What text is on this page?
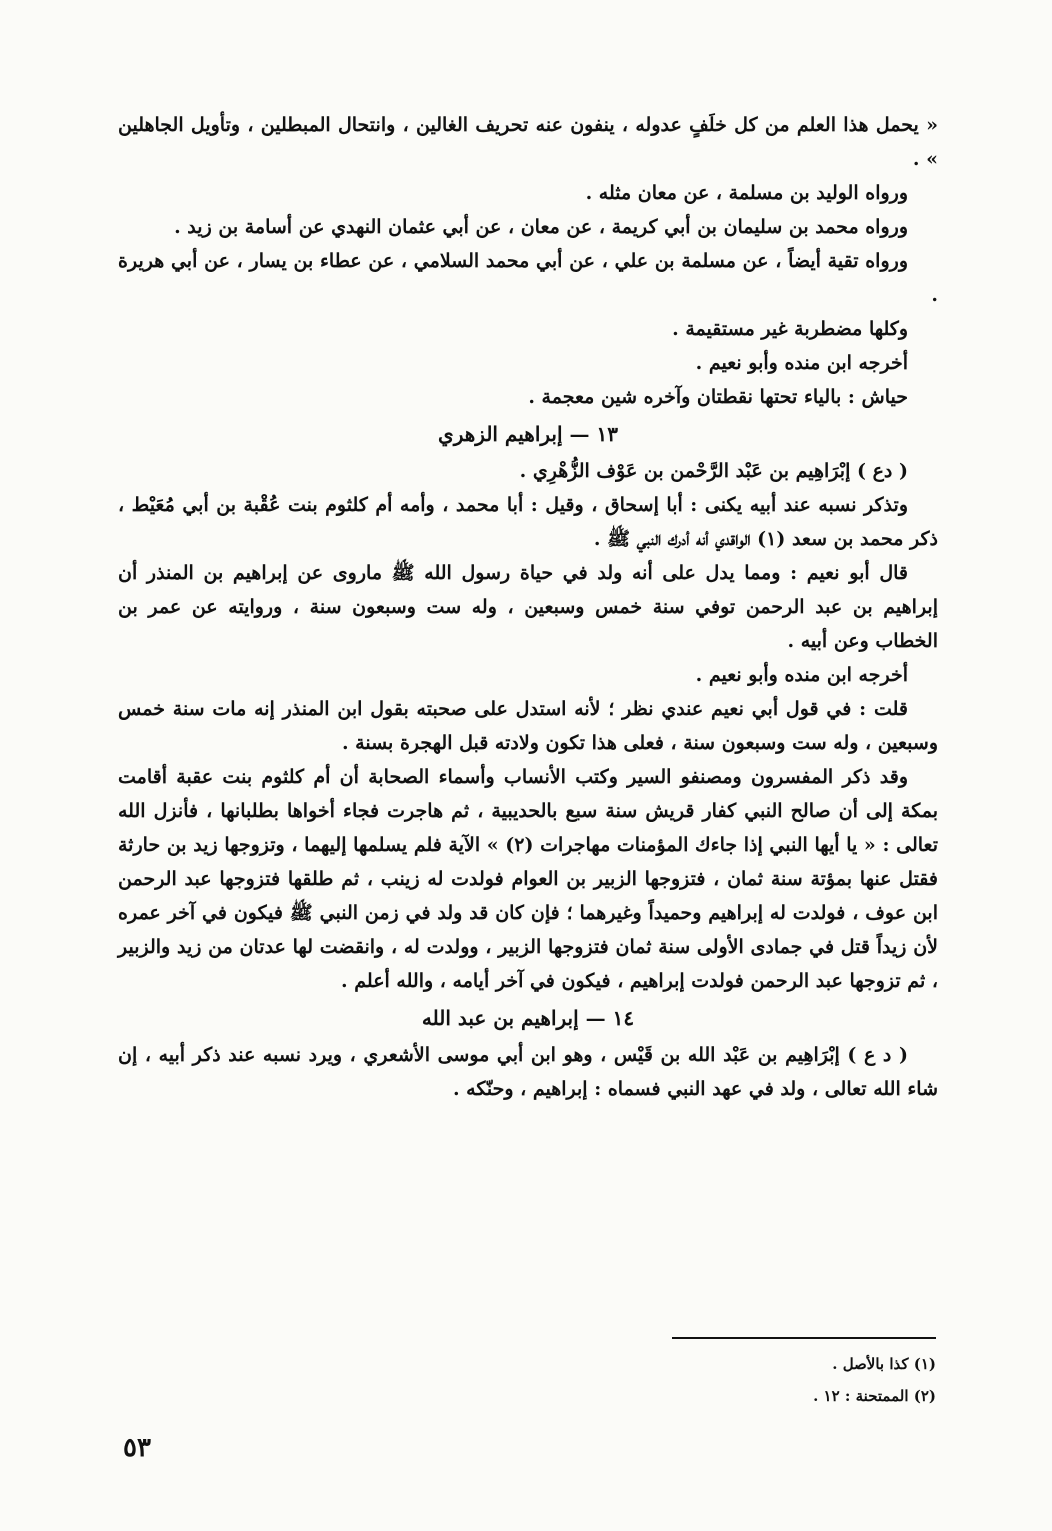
« يحمل هذا العلم من كل خلَفٍ عدوله ، ينفون عنه تحريف الغالين ، وانتحال المبطلين ، وتأويل الجاهلين » .

ورواه الوليد بن مسلمة ، عن معان مثله .

ورواه محمد بن سليمان بن أبي كريمة ، عن معان ، عن أبي عثمان النهدي عن أسامة بن زيد .

ورواه تقية أيضاً ، عن مسلمة بن علي ، عن أبي محمد السلامي ، عن عطاء بن يسار ، عن أبي هريرة .

وكلها مضطربة غير مستقيمة .

أخرجه ابن منده وأبو نعيم .

حياش : بالياء تحتها نقطتان وآخره شين معجمة .

١٣ — إبراهيم الزهري

( دع ) إبْرَاهِيم بن عَبْد الرَّحْمن بن عَوْف الزُّهْرِي .

وتذكر نسبه عند أبيه يكنى : أبا إسحاق ، وقيل : أبا محمد ، وأمه أم كلثوم بنت عُقْبة بن أبي مُعَيْط ، ذكر محمد بن سعد (١) الواقدي أنه أدرك النبي ﷺ .

قال أبو نعيم : ومما يدل على أنه ولد في حياة رسول الله ﷺ ماروى عن إبراهيم بن المنذر أن إبراهيم بن عبد الرحمن توفي سنة خمس وسبعين ، وله ست وسبعون سنة ، وروايته عن عمر بن الخطاب وعن أبيه .

أخرجه ابن منده وأبو نعيم .

قلت : في قول أبي نعيم عندي نظر ؛ لأنه استدل على صحبته بقول ابن المنذر إنه مات سنة خمس وسبعين ، وله ست وسبعون سنة ، فعلى هذا تكون ولادته قبل الهجرة بسنة .

وقد ذكر المفسرون ومصنفو السير وكتب الأنساب وأسماء الصحابة أن أم كلثوم بنت عقبة أقامت بمكة إلى أن صالح النبي كفار قريش سنة سبع بالحديبية ، ثم هاجرت فجاء أخواها بطلبانها ، فأنزل الله تعالى : « يا أيها النبي إذا جاءك المؤمنات مهاجرات (٢) » الآية فلم يسلمها إليهما ، وتزوجها زيد بن حارثة فقتل عنها بمؤتة سنة ثمان ، فتزوجها الزبير بن العوام فولدت له زينب ، ثم طلقها فتزوجها عبد الرحمن ابن عوف ، فولدت له إبراهيم وحميداً وغيرهما ؛ فإن كان قد ولد في زمن النبي ﷺ فيكون في آخر عمره لأن زيداً قتل في جمادى الأولى سنة ثمان فتزوجها الزبير ، وولدت له ، وانقضت لها عدتان من زيد والزبير ، ثم تزوجها عبد الرحمن فولدت إبراهيم ، فيكون في آخر أيامه ، والله أعلم .

١٤ — إبراهيم بن عبد الله

( د ع ) إبْرَاهِيم بن عَبْد الله بن قَيْس ، وهو ابن أبي موسى الأشعري ، ويرد نسبه عند ذكر أبيه ، إن شاء الله تعالى ، ولد في عهد النبي فسماه : إبراهيم ، وحنّكه .

(١) كذا بالأصل .
(٢) الممتحنة : ١٢ .
٥٣
